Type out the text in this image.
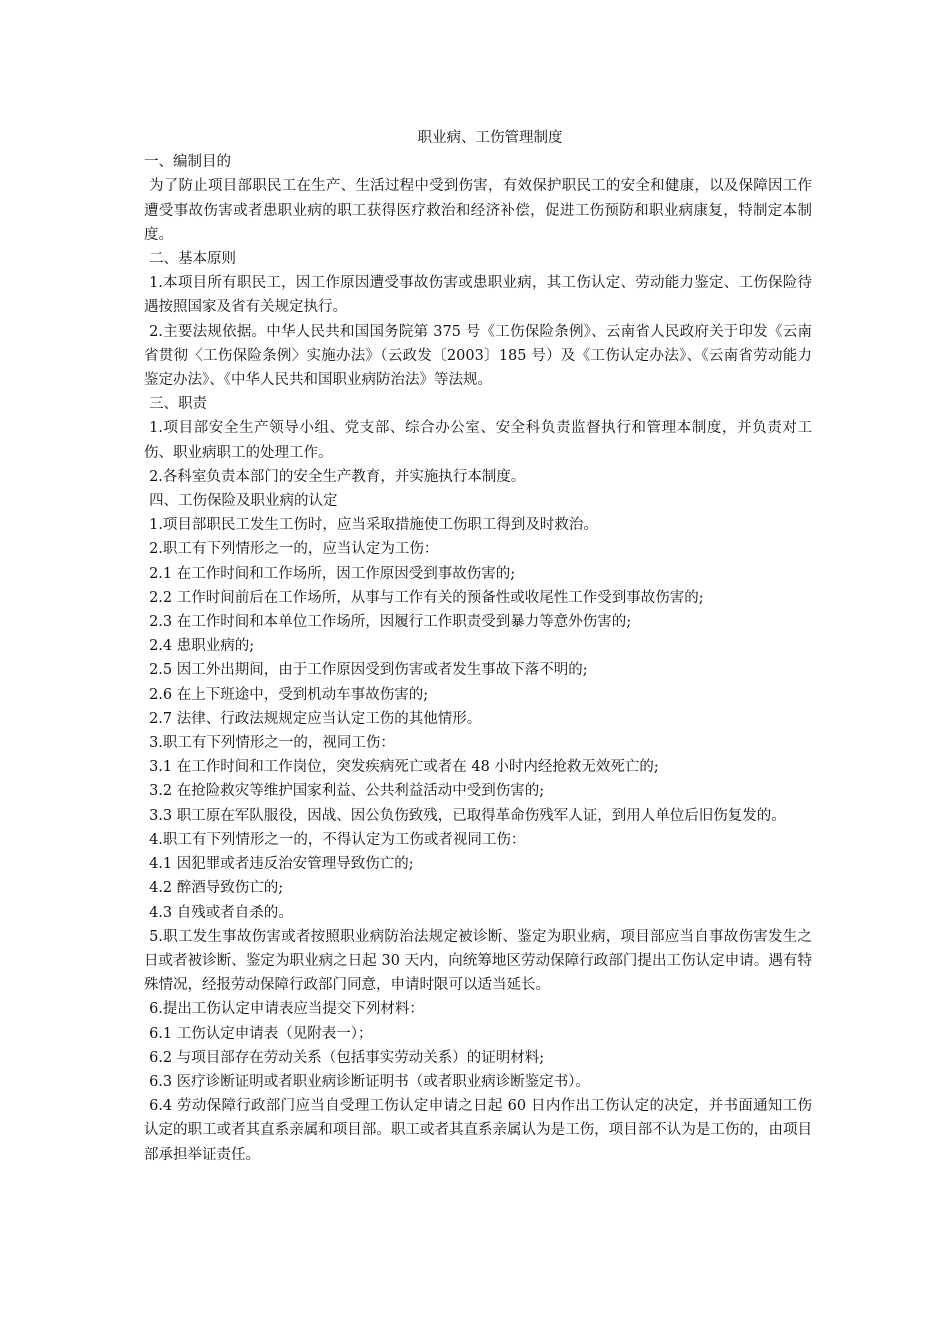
职业病、工伤管理制度

一、编制目的

为了防止项目部职民工在生产、生活过程中受到伤害，有效保护职民工的安全和健康，以及保障因工作遭受事故伤害或者患职业病的职工获得医疗救治和经济补偿，促进工伤预防和职业病康复，特制定本制度。

二、基本原则

1.本项目所有职民工，因工作原因遭受事故伤害或患职业病，其工伤认定、劳动能力鉴定、工伤保险待遇按照国家及省有关规定执行。

2.主要法规依据。中华人民共和国国务院第 375 号《工伤保险条例》、云南省人民政府关于印发《云南省贯彻〈工伤保险条例〉实施办法》（云政发〔2003〕185 号）及《工伤认定办法》、《云南省劳动能力鉴定办法》、《中华人民共和国职业病防治法》等法规。

三、职责

1.项目部安全生产领导小组、党支部、综合办公室、安全科负责监督执行和管理本制度，并负责对工伤、职业病职工的处理工作。

2.各科室负责本部门的安全生产教育，并实施执行本制度。

四、工伤保险及职业病的认定

1.项目部职民工发生工伤时，应当采取措施使工伤职工得到及时救治。

2.职工有下列情形之一的，应当认定为工伤：

2.1 在工作时间和工作场所，因工作原因受到事故伤害的;

2.2 工作时间前后在工作场所，从事与工作有关的预备性或收尾性工作受到事故伤害的;

2.3 在工作时间和本单位工作场所，因履行工作职责受到暴力等意外伤害的;

2.4 患职业病的;

2.5 因工外出期间，由于工作原因受到伤害或者发生事故下落不明的;

2.6 在上下班途中，受到机动车事故伤害的;

2.7 法律、行政法规规定应当认定工伤的其他情形。

3.职工有下列情形之一的，视同工伤：

3.1 在工作时间和工作岗位，突发疾病死亡或者在 48 小时内经抢救无效死亡的;

3.2 在抢险救灾等维护国家利益、公共利益活动中受到伤害的;

3.3 职工原在军队服役，因战、因公负伤致残，已取得革命伤残军人证，到用人单位后旧伤复发的。

4.职工有下列情形之一的，不得认定为工伤或者视同工伤：

4.1 因犯罪或者违反治安管理导致伤亡的;

4.2 醉酒导致伤亡的;

4.3 自残或者自杀的。

5.职工发生事故伤害或者按照职业病防治法规定被诊断、鉴定为职业病，项目部应当自事故伤害发生之日或者被诊断、鉴定为职业病之日起 30 天内，向统筹地区劳动保障行政部门提出工伤认定申请。遇有特殊情况，经报劳动保障行政部门同意，申请时限可以适当延长。

6.提出工伤认定申请表应当提交下列材料：

6.1 工伤认定申请表（见附表一）；

6.2 与项目部存在劳动关系（包括事实劳动关系）的证明材料;

6.3 医疗诊断证明或者职业病诊断证明书（或者职业病诊断鉴定书）。

6.4 劳动保障行政部门应当自受理工伤认定申请之日起 60 日内作出工伤认定的决定，并书面通知工伤认定的职工或者其直系亲属和项目部。职工或者其直系亲属认为是工伤，项目部不认为是工伤的，由项目部承担举证责任。
